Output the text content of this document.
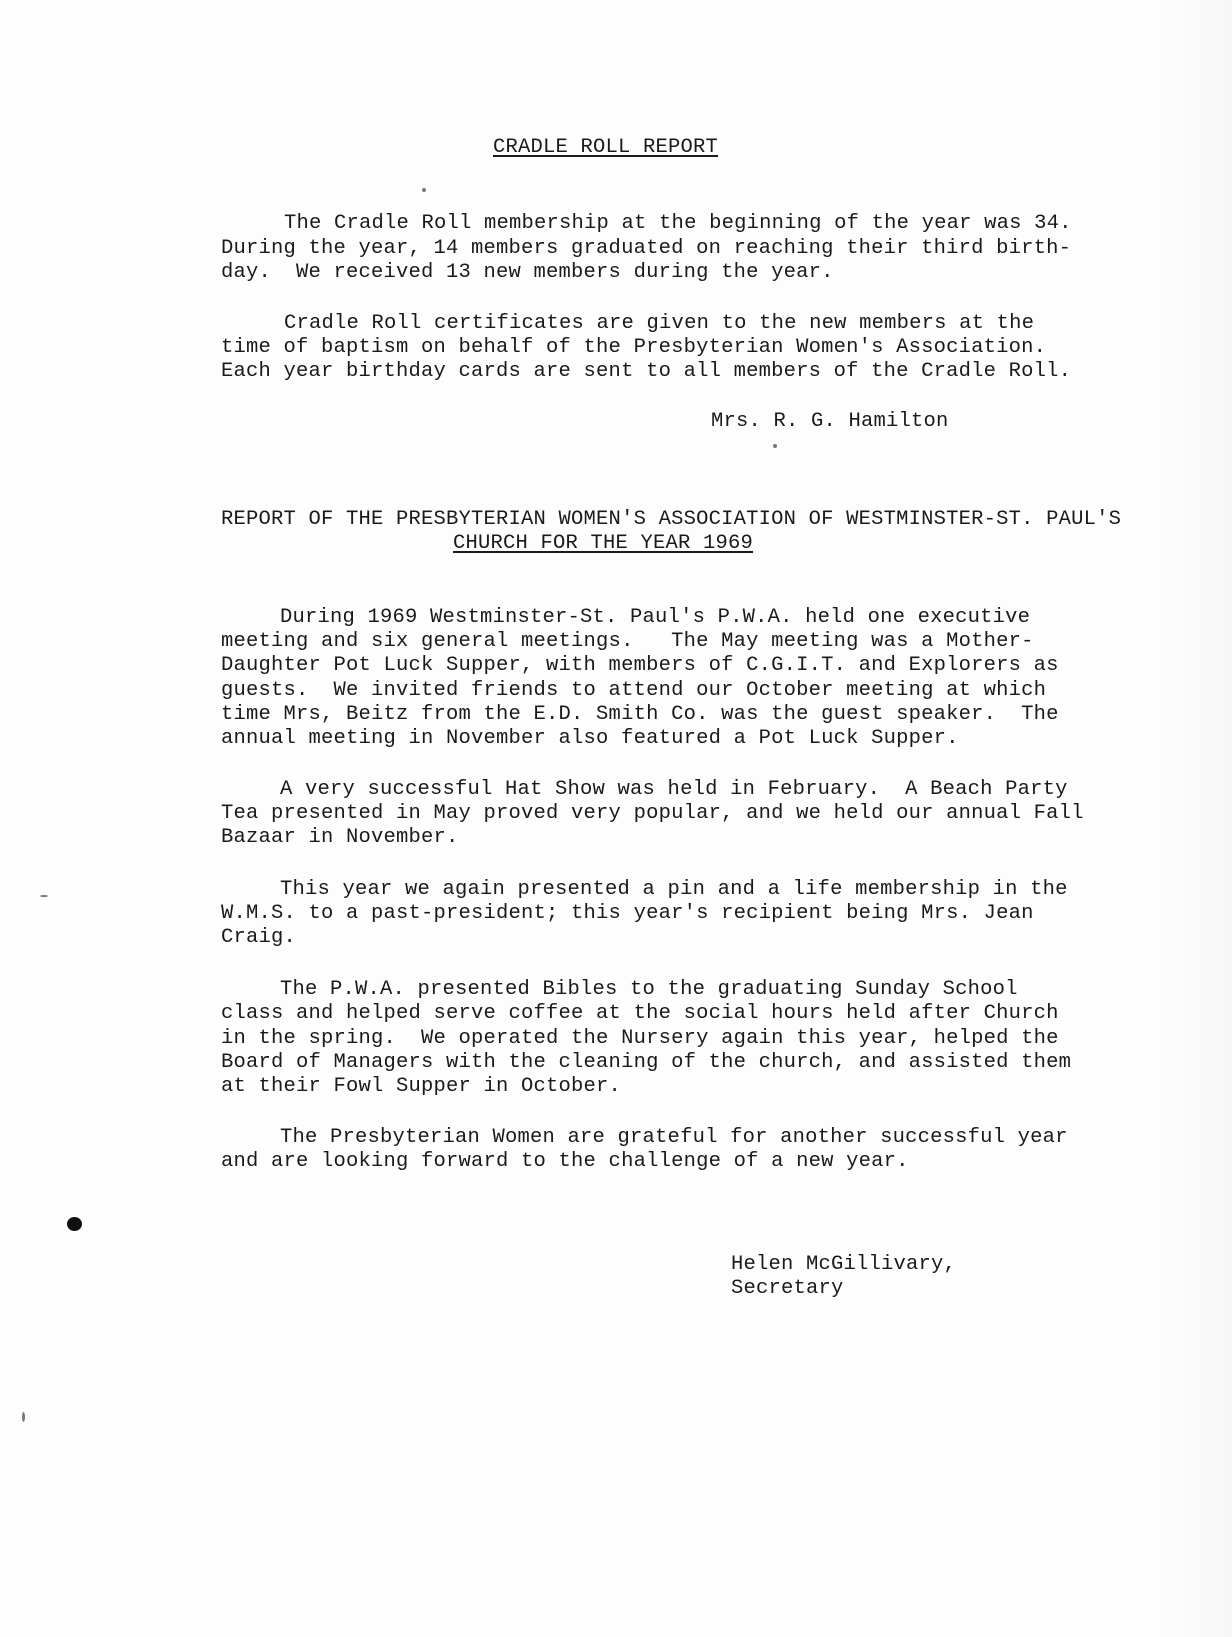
CRADLE ROLL REPORT
The Cradle Roll membership at the beginning of the year was 34.
During the year, 14 members graduated on reaching their third birth-
day.  We received 13 new members during the year.
Cradle Roll certificates are given to the new members at the
time of baptism on behalf of the Presbyterian Women's Association.
Each year birthday cards are sent to all members of the Cradle Roll.
Mrs. R. G. Hamilton
REPORT OF THE PRESBYTERIAN WOMEN'S ASSOCIATION OF WESTMINSTER-ST. PAUL'S
CHURCH FOR THE YEAR 1969
During 1969 Westminster-St. Paul's P.W.A. held one executive
meeting and six general meetings.   The May meeting was a Mother-
Daughter Pot Luck Supper, with members of C.G.I.T. and Explorers as
guests.  We invited friends to attend our October meeting at which
time Mrs, Beitz from the E.D. Smith Co. was the guest speaker.  The
annual meeting in November also featured a Pot Luck Supper.
A very successful Hat Show was held in February.  A Beach Party
Tea presented in May proved very popular, and we held our annual Fall
Bazaar in November.
This year we again presented a pin and a life membership in the
W.M.S. to a past-president; this year's recipient being Mrs. Jean
Craig.
The P.W.A. presented Bibles to the graduating Sunday School
class and helped serve coffee at the social hours held after Church
in the spring.  We operated the Nursery again this year, helped the
Board of Managers with the cleaning of the church, and assisted them
at their Fowl Supper in October.
The Presbyterian Women are grateful for another successful year
and are looking forward to the challenge of a new year.
Helen McGillivary,
Secretary
